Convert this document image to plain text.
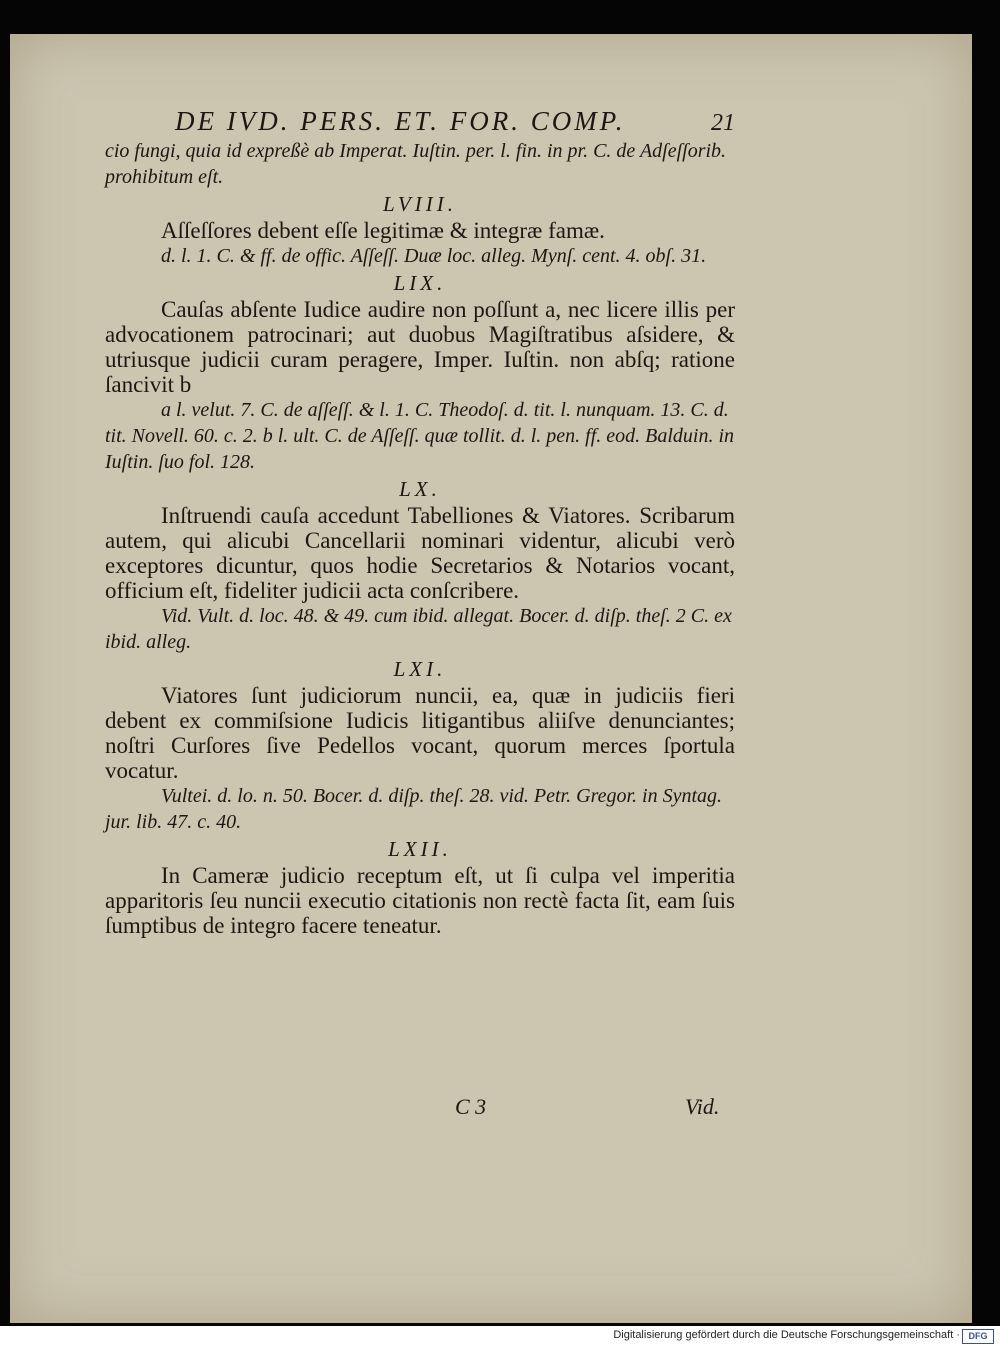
DE IVD. PERS. ET. FOR. COMP.	21

cio fungi, quia id expreßè ab Imperat. Iuſtin. per. l. fin. in pr. C. de Adſeſſorib. prohibitum eſt.

LVIII.

Aſſeſſores debent eſſe legitimæ & integræ famæ.

d. l. 1. C. & ff. de offic. Aſſeſſ. Duæ loc. alleg. Mynſ. cent. 4. obſ. 31.

LIX.

Cauſas abſente Iudice audire non poſſunt a, nec licere illis per advocationem patrocinari; aut duobus Magiſtratibus aſsidere, & utriusque judicii curam peragere, Imper. Iuſtin. non abſq; ratione ſancivit b

a l. velut. 7. C. de aſſeſſ. & l. 1. C. Theodoſ. d. tit. l. nunquam. 13. C. d. tit. Novell. 60. c. 2. b l. ult. C. de Aſſeſſ. quæ tollit. d. l. pen. ff. eod. Balduin. in Iuſtin. ſuo fol. 128.

LX.

Inſtruendi cauſa accedunt Tabelliones & Viatores. Scribarum autem, qui alicubi Cancellarii nominari videntur, alicubi verò exceptores dicuntur, quos hodie Secretarios & Notarios vocant, officium eſt, fideliter judicii acta conſcribere.

Vid. Vult. d. loc. 48. & 49. cum ibid. allegat. Bocer. d. diſp. theſ. 2 C. ex ibid. alleg.

LXI.

Viatores ſunt judiciorum nuncii, ea, quæ in judiciis fieri debent ex commiſsione Iudicis litigantibus aliiſve denunciantes; noſtri Curſores ſive Pedellos vocant, quorum merces ſportula vocatur.

Vultei. d. lo. n. 50. Bocer. d. diſp. theſ. 28. vid. Petr. Gregor. in Syntag. jur. lib. 47. c. 40.

LXII.

In Cameræ judicio receptum eſt, ut ſi culpa vel imperitia apparitoris ſeu nuncii executio citationis non rectè facta ſit, eam ſuis ſumptibus de integro facere teneatur.

C 3	Vid.
Digitalisierung gefördert durch die Deutsche Forschungsgemeinschaft · DFG
